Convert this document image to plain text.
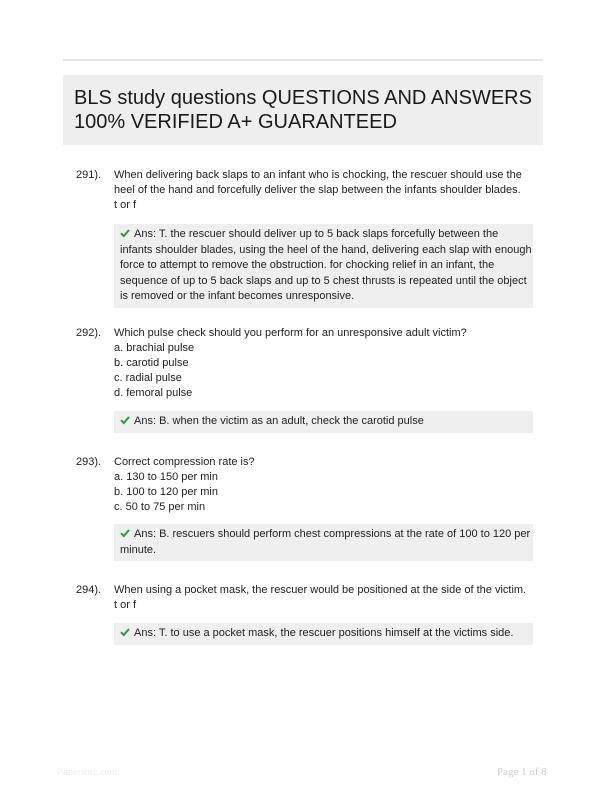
BLS study questions QUESTIONS AND ANSWERS 100% VERIFIED A+ GUARANTEED
291). When delivering back slaps to an infant who is chocking, the rescuer should use the heel of the hand and forcefully deliver the slap between the infants shoulder blades.
t or f
Ans: T. the rescuer should deliver up to 5 back slaps forcefully between the infants shoulder blades, using the heel of the hand, delivering each slap with enough force to attempt to remove the obstruction. for chocking relief in an infant, the sequence of up to 5 back slaps and up to 5 chest thrusts is repeated until the object is removed or the infant becomes unresponsive.
292). Which pulse check should you perform for an unresponsive adult victim?
a. brachial pulse
b. carotid pulse
c. radial pulse
d. femoral pulse
Ans: B. when the victim as an adult, check the carotid pulse
293). Correct compression rate is?
a. 130 to 150 per min
b. 100 to 120 per min
c. 50 to 75 per min
Ans: B. rescuers should perform chest compressions at the rate of 100 to 120 per minute.
294). When using a pocket mask, the rescuer would be positioned at the side of the victim.
t or f
Ans: T. to use a pocket mask, the rescuer positions himself at the victims side.
Paperlibrc.com	Page 1 of 8
